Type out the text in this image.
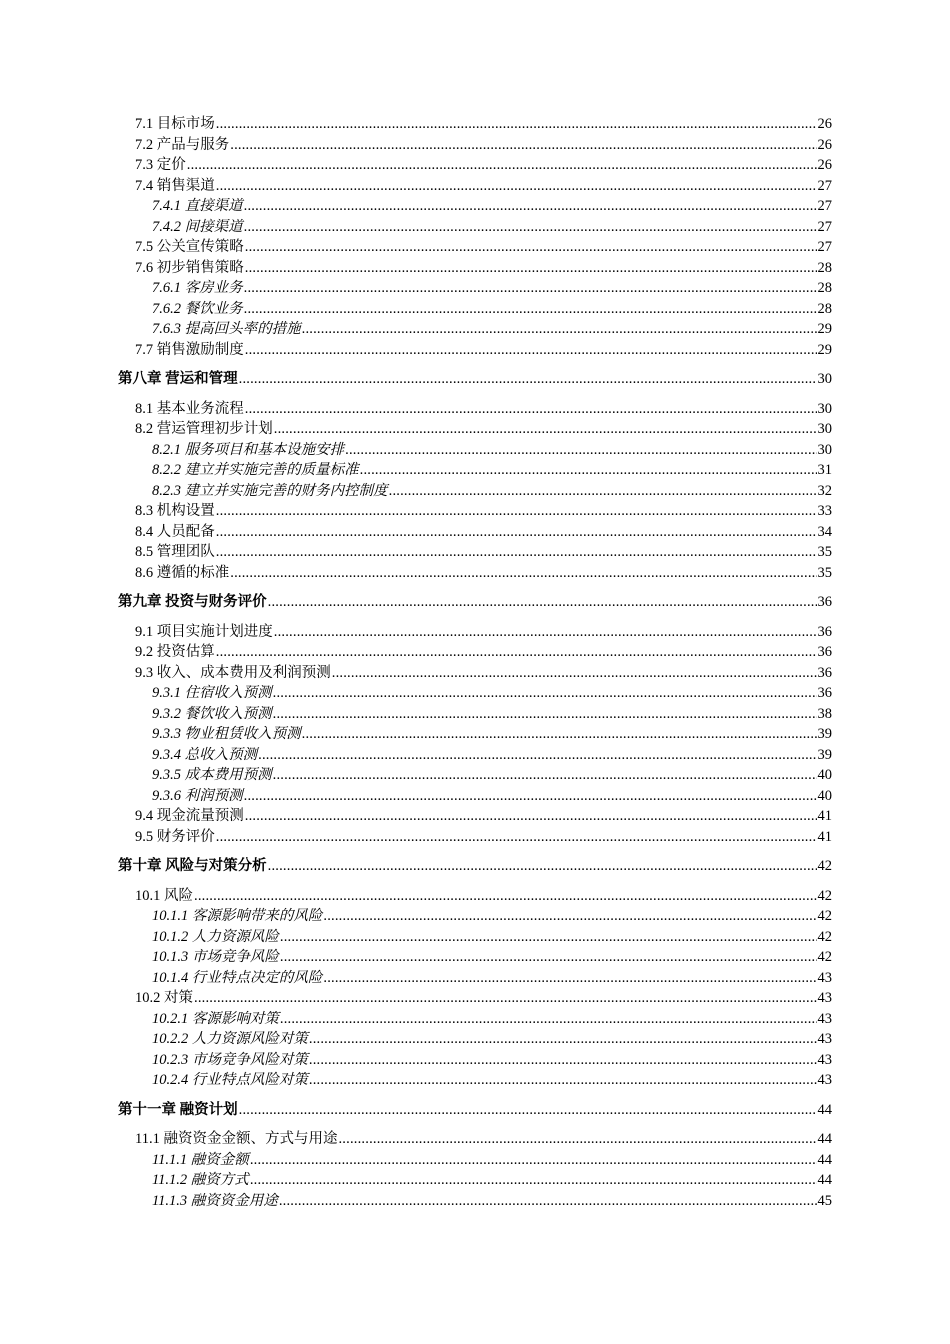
7.1 目标市场 .....	26
7.2 产品与服务 .....	26
7.3 定价 .....	26
7.4 销售渠道 .....	27
7.4.1 直接渠道 .....	27
7.4.2 间接渠道 .....	27
7.5 公关宣传策略 .....	27
7.6 初步销售策略 .....	28
7.6.1 客房业务 .....	28
7.6.2 餐饮业务 .....	28
7.6.3 提高回头率的措施 .....	29
7.7 销售激励制度 .....	29
第八章 营运和管理 .....	30
8.1 基本业务流程 .....	30
8.2 营运管理初步计划 .....	30
8.2.1 服务项目和基本设施安排 .....	30
8.2.2 建立并实施完善的质量标准 .....	31
8.2.3 建立并实施完善的财务内控制度 .....	32
8.3 机构设置 .....	33
8.4 人员配备 .....	34
8.5 管理团队 .....	35
8.6 遵循的标准 .....	35
第九章 投资与财务评价 .....	36
9.1 项目实施计划进度 .....	36
9.2 投资估算 .....	36
9.3 收入、成本费用及利润预测 .....	36
9.3.1 住宿收入预测 .....	36
9.3.2 餐饮收入预测 .....	38
9.3.3 物业租赁收入预测 .....	39
9.3.4 总收入预测 .....	39
9.3.5 成本费用预测 .....	40
9.3.6 利润预测 .....	40
9.4 现金流量预测 .....	41
9.5 财务评价 .....	41
第十章 风险与对策分析 .....	42
10.1 风险 .....	42
10.1.1 客源影响带来的风险 .....	42
10.1.2 人力资源风险 .....	42
10.1.3 市场竞争风险 .....	42
10.1.4 行业特点决定的风险 .....	43
10.2 对策 .....	43
10.2.1 客源影响对策 .....	43
10.2.2 人力资源风险对策 .....	43
10.2.3 市场竞争风险对策 .....	43
10.2.4 行业特点风险对策 .....	43
第十一章 融资计划 .....	44
11.1 融资资金金额、方式与用途 .....	44
11.1.1 融资金额 .....	44
11.1.2 融资方式 .....	44
11.1.3 融资资金用途 .....	45
